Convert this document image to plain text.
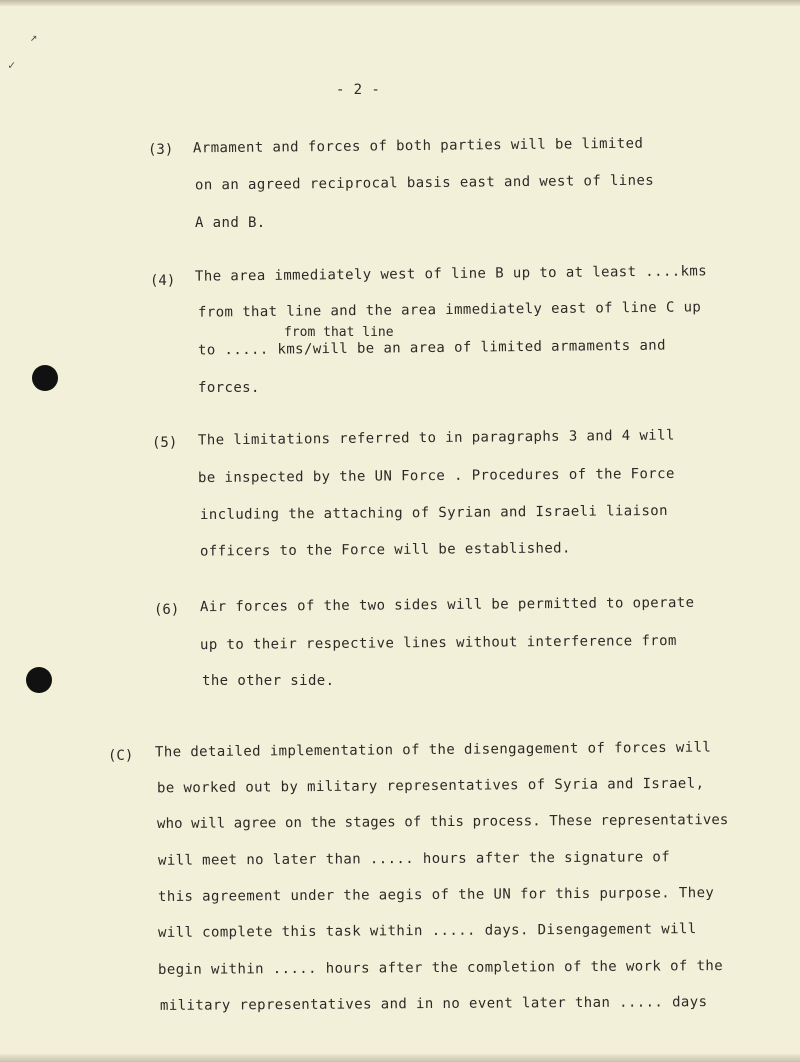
↗
✓
- 2 -
(3) Armament and forces of both parties will be limited
on an agreed reciprocal basis east and west of lines
A and B.
(4) The area immediately west of line B up to at least ....kms
from that line and the area immediately east of line C up
from that line
to ..... kms/will be an area of limited armaments and
forces.
(5) The limitations referred to in paragraphs 3 and 4 will
be inspected by the UN Force . Procedures of the Force
including the attaching of Syrian and Israeli liaison
officers to the Force will be established.
(6) Air forces of the two sides will be permitted to operate
up to their respective lines without interference from
the other side.
(C) The detailed implementation of the disengagement of forces will
be worked out by military representatives of Syria and Israel,
who will agree on the stages of this process. These representatives
will meet no later than ..... hours after the signature of
this agreement under the aegis of the UN for this purpose. They
will complete this task within ..... days. Disengagement will
begin within ..... hours after the completion of the work of the
military representatives and in no event later than ..... days
